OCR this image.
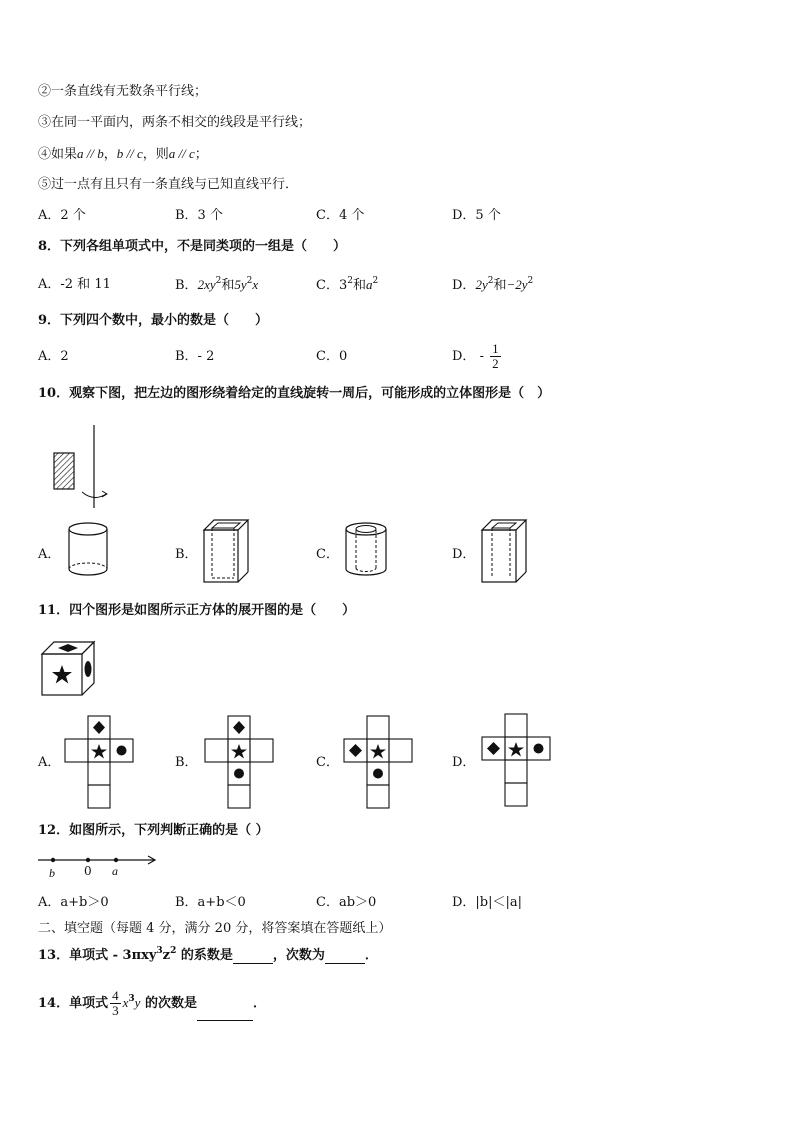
②一条直线有无数条平行线；
③在同一平面内，两条不相交的线段是平行线；
④如果a // b，b // c，则a // c；
⑤过一点有且只有一条直线与已知直线平行．
A．2 个	B．3 个	C．4 个	D．5 个
8．下列各组单项式中，不是同类项的一组是（　　）
A．-2 和 11	B．$2xy^2$和$5y^2x$	C．$3^2$和$a^2$	D．$2y^2$和$-2y^2$
9．下列四个数中，最小的数是（　　）
A．2	B．- 2	C．0	D． - $\frac{1}{2}$
10．观察下图，把左边的图形绕着给定的直线旋转一周后，可能形成的立体图形是（　）
A．	B．	C．	D．
11．四个图形是如图所示正方体的展开图的是（　　）
A．	B．	C．	D．
12．如图所示，下列判断正确的是（ ）
b 0 a
A．a+b＞0	B．a+b＜0	C．ab＞0	D．|b|＜|a|
二、填空题（每题 4 分，满分 20 分，将答案填在答题纸上）
13．单项式 - $3\pi xy^3z^2$ 的系数是	，次数为	．
14．单项式 $\frac{4}{3} x^3y$ 的次数是	．
